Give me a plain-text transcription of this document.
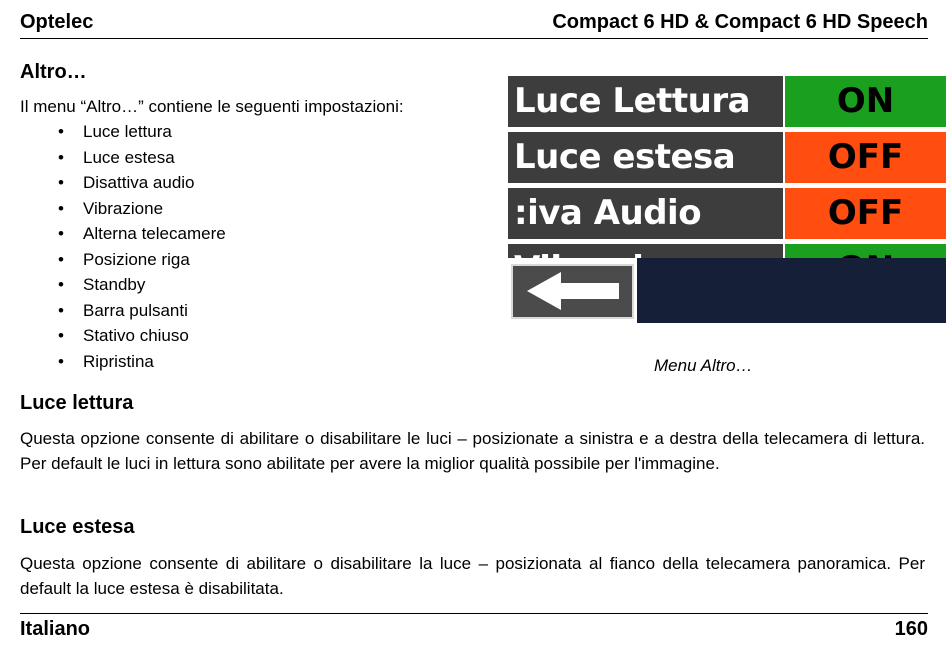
Optelec	Compact 6 HD & Compact 6 HD Speech
Altro…
Il menu “Altro…” contiene le seguenti impostazioni:
• Luce lettura
• Luce estesa
• Disattiva audio
• Vibrazione
• Alterna telecamere
• Posizione riga
• Standby
• Barra pulsanti
• Stativo chiuso
• Ripristina
Luce Lettura	ON
Luce estesa	OFF
:iva Audio	OFF
Menu Altro…
Luce lettura

Questa opzione consente di abilitare o disabilitare le luci – posizionate a sinistra e a destra della telecamera di lettura. Per default le luci in lettura sono abilitate per avere la miglior qualità possibile per l'immagine.

Luce estesa

Questa opzione consente di abilitare o disabilitare la luce – posizionata al fianco della telecamera panoramica. Per default la luce estesa è disabilitata.

Italiano	160
